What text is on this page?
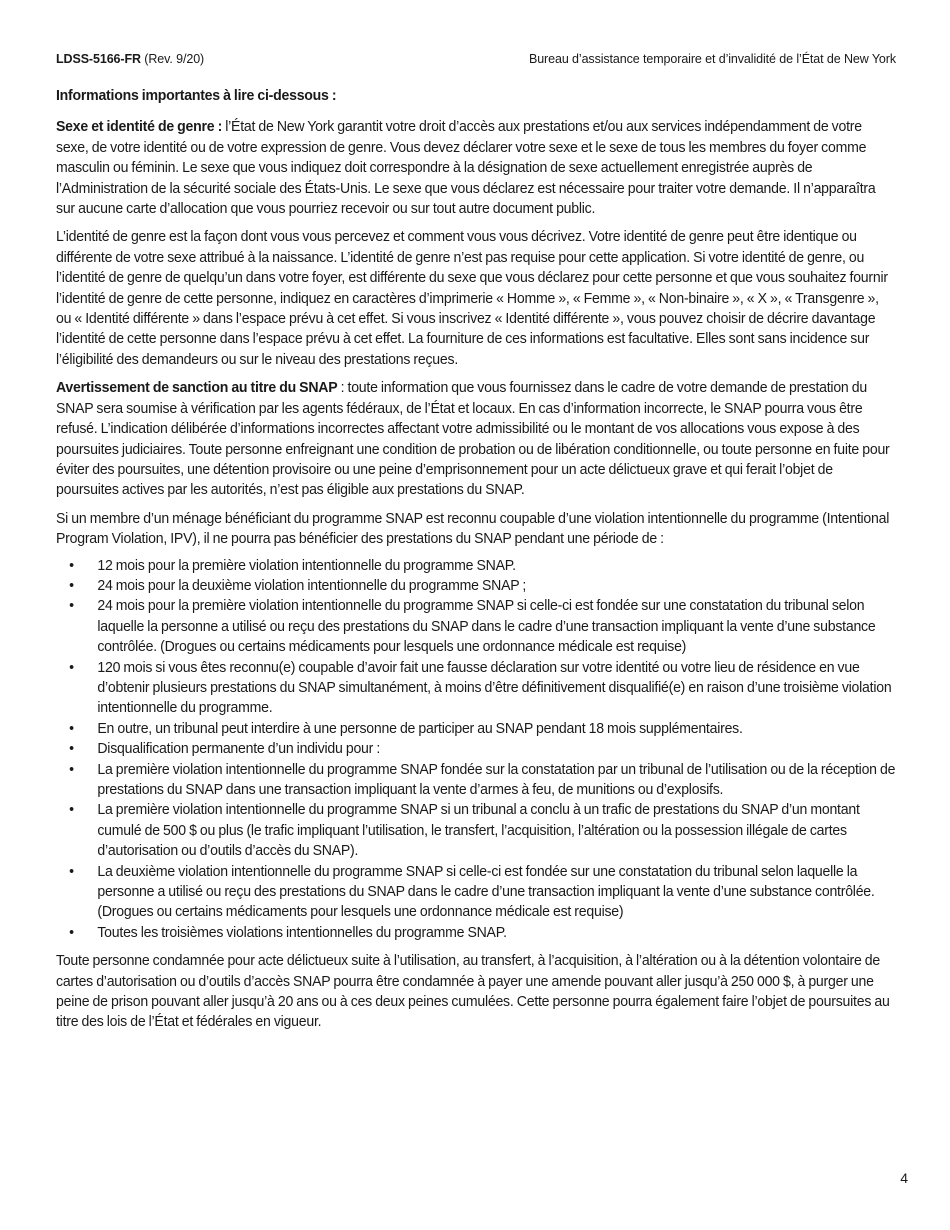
LDSS-5166-FR (Rev. 9/20)	Bureau d’assistance temporaire et d’invalidité de l’État de New York
Informations importantes à lire ci-dessous :

Sexe et identité de genre : l’État de New York garantit votre droit d’accès aux prestations et/ou aux services indépendamment de votre sexe, de votre identité ou de votre expression de genre. Vous devez déclarer votre sexe et le sexe de tous les membres du foyer comme masculin ou féminin. Le sexe que vous indiquez doit correspondre à la désignation de sexe actuellement enregistrée auprès de l’Administration de la sécurité sociale des États-Unis. Le sexe que vous déclarez est nécessaire pour traiter votre demande. Il n’apparaîtra sur aucune carte d’allocation que vous pourriez recevoir ou sur tout autre document public.

L’identité de genre est la façon dont vous vous percevez et comment vous vous décrivez. Votre identité de genre peut être identique ou différente de votre sexe attribué à la naissance. L’identité de genre n’est pas requise pour cette application. Si votre identité de genre, ou l’identité de genre de quelqu’un dans votre foyer, est différente du sexe que vous déclarez pour cette personne et que vous souhaitez fournir l’identité de genre de cette personne, indiquez en caractères d’imprimerie « Homme », « Femme », « Non-binaire », « X », « Transgenre », ou « Identité différente » dans l’espace prévu à cet effet. Si vous inscrivez « Identité différente », vous pouvez choisir de décrire davantage l’identité de cette personne dans l’espace prévu à cet effet. La fourniture de ces informations est facultative. Elles sont sans incidence sur l’éligibilité des demandeurs ou sur le niveau des prestations reçues.

Avertissement de sanction au titre du SNAP : toute information que vous fournissez dans le cadre de votre demande de prestation du SNAP sera soumise à vérification par les agents fédéraux, de l’État et locaux. En cas d’information incorrecte, le SNAP pourra vous être refusé. L’indication délibérée d’informations incorrectes affectant votre admissibilité ou le montant de vos allocations vous expose à des poursuites judiciaires. Toute personne enfreignant une condition de probation ou de libération conditionnelle, ou toute personne en fuite pour éviter des poursuites, une détention provisoire ou une peine d’emprisonnement pour un acte délictueux grave et qui ferait l’objet de poursuites actives par les autorités, n’est pas éligible aux prestations du SNAP.

Si un membre d’un ménage bénéficiant du programme SNAP est reconnu coupable d’une violation intentionnelle du programme (Intentional Program Violation, IPV), il ne pourra pas bénéficier des prestations du SNAP pendant une période de :

• 12 mois pour la première violation intentionnelle du programme SNAP.
• 24 mois pour la deuxième violation intentionnelle du programme SNAP ;
• 24 mois pour la première violation intentionnelle du programme SNAP si celle-ci est fondée sur une constatation du tribunal selon laquelle la personne a utilisé ou reçu des prestations du SNAP dans le cadre d’une transaction impliquant la vente d’une substance contrôlée. (Drogues ou certains médicaments pour lesquels une ordonnance médicale est requise)
• 120 mois si vous êtes reconnu(e) coupable d’avoir fait une fausse déclaration sur votre identité ou votre lieu de résidence en vue d’obtenir plusieurs prestations du SNAP simultanément, à moins d’être définitivement disqualifié(e) en raison d’une troisième violation intentionnelle du programme.
• En outre, un tribunal peut interdire à une personne de participer au SNAP pendant 18 mois supplémentaires.
• Disqualification permanente d’un individu pour :
• La première violation intentionnelle du programme SNAP fondée sur la constatation par un tribunal de l’utilisation ou de la réception de prestations du SNAP dans une transaction impliquant la vente d’armes à feu, de munitions ou d’explosifs.
• La première violation intentionnelle du programme SNAP si un tribunal a conclu à un trafic de prestations du SNAP d’un montant cumulé de 500 $ ou plus (le trafic impliquant l’utilisation, le transfert, l’acquisition, l’altération ou la possession illégale de cartes d’autorisation ou d’outils d’accès du SNAP).
• La deuxième violation intentionnelle du programme SNAP si celle-ci est fondée sur une constatation du tribunal selon laquelle la personne a utilisé ou reçu des prestations du SNAP dans le cadre d’une transaction impliquant la vente d’une substance contrôlée. (Drogues ou certains médicaments pour lesquels une ordonnance médicale est requise)
• Toutes les troisièmes violations intentionnelles du programme SNAP.

Toute personne condamnée pour acte délictueux suite à l’utilisation, au transfert, à l’acquisition, à l’altération ou à la détention volontaire de cartes d’autorisation ou d’outils d’accès SNAP pourra être condamnée à payer une amende pouvant aller jusqu’à 250 000 $, à purger une peine de prison pouvant aller jusqu’à 20 ans ou à ces deux peines cumulées. Cette personne pourra également faire l’objet de poursuites au titre des lois de l’État et fédérales en vigueur.

4
